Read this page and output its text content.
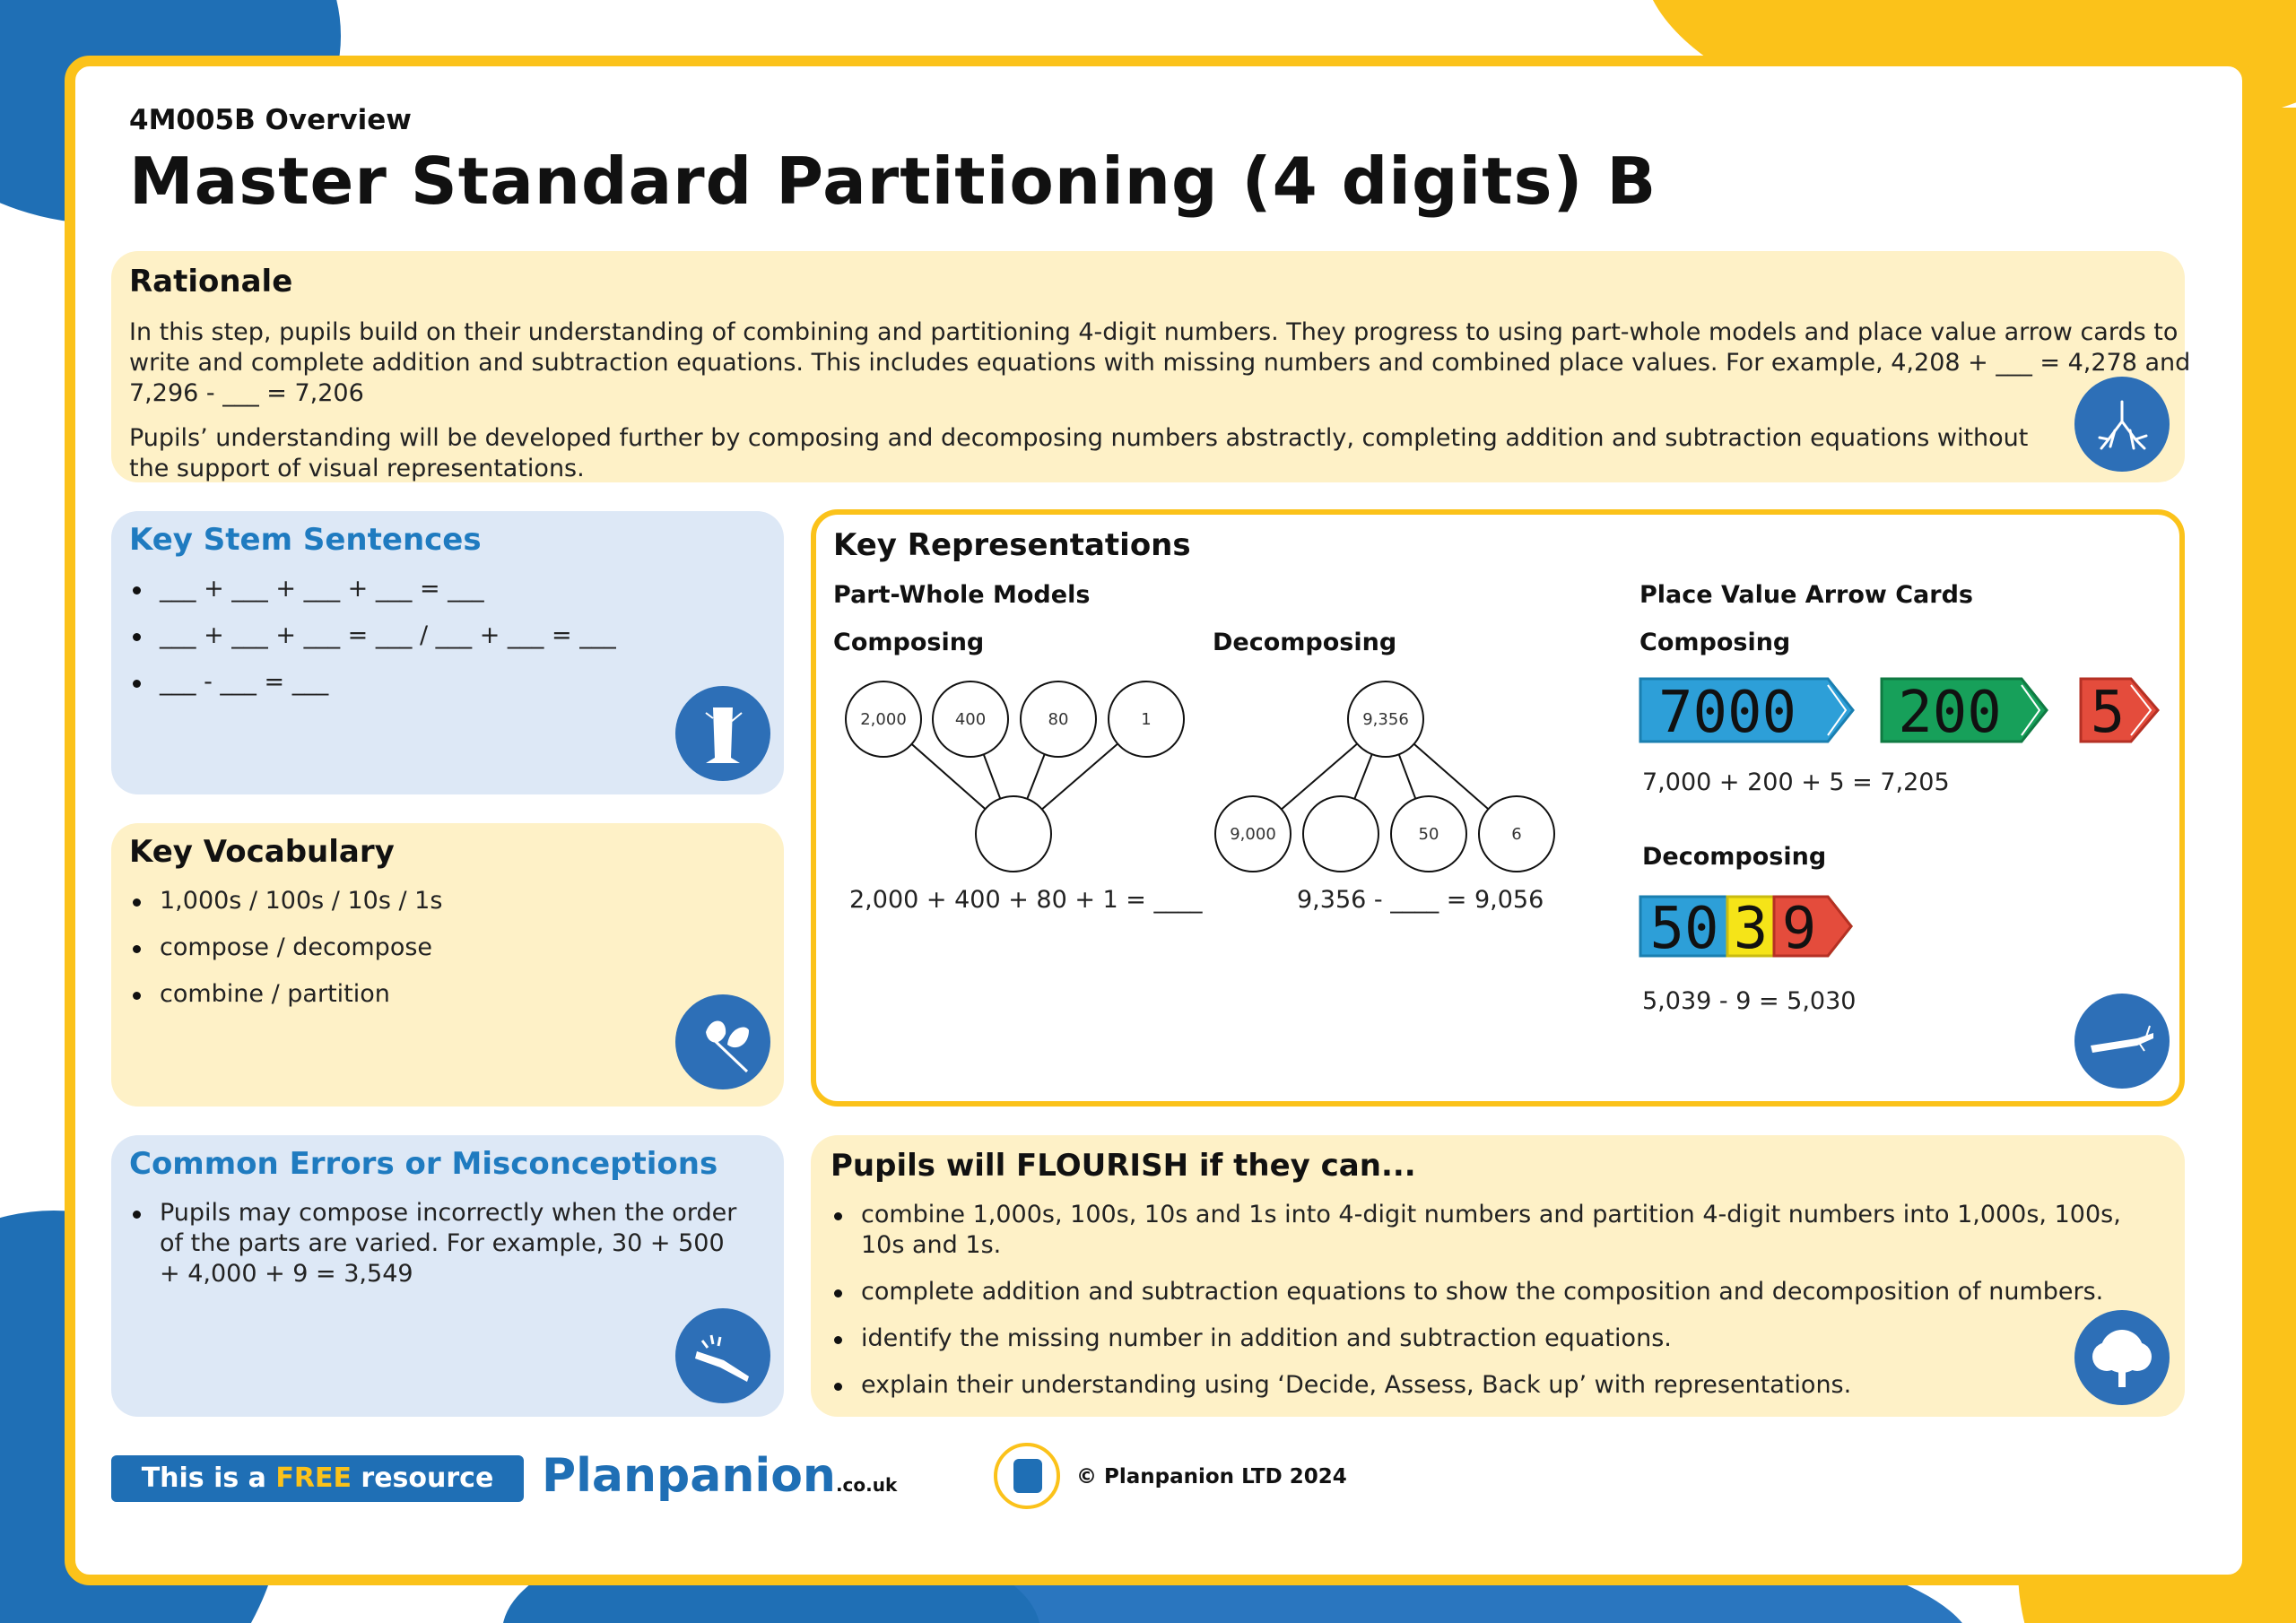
4M005B Overview
Master Standard Partitioning (4 digits) B
Rationale

In this step, pupils build on their understanding of combining and partitioning 4-digit numbers. They progress to using part-whole models and place value arrow cards to write and complete addition and subtraction equations. This includes equations with missing numbers and combined place values. For example, 4,208 + ___ = 4,278 and 7,296 - ___ = 7,206

Pupils’ understanding will be developed further by composing and decomposing numbers abstractly, completing addition and subtraction equations without the support of visual representations.

Key Stem Sentences
___ + ___ + ___ + ___ = ___
___ + ___ + ___ = ___ / ___ + ___ = ___
___ - ___ = ___
Key Vocabulary
1,000s / 100s / 10s / 1s
compose / decompose
combine / partition
Common Errors or Misconceptions
Pupils may compose incorrectly when the order of the parts are varied. For example, 30 + 500 + 4,000 + 9 = 3,549
Key Representations
Part-Whole Models
Composing	Decomposing
Place Value Arrow Cards
Composing
Decomposing
2,000	400	80	1
2,000 + 400 + 80 + 1 = ____
9,356
9,000	50	6
9,356 - ____ = 9,056
7000 200 5
7,000 + 200 + 5 = 7,205
50 3 9
5,039 - 9 = 5,030
Pupils will FLOURISH if they can...
combine 1,000s, 100s, 10s and 1s into 4-digit numbers and partition 4-digit numbers into 1,000s, 100s, 10s and 1s.
complete addition and subtraction equations to show the composition and decomposition of numbers.
identify the missing number in addition and subtraction equations.
explain their understanding using ‘Decide, Assess, Back up’ with representations.
This is a FREE resource from
Planpanion.co.uk	© Planpanion LTD 2024
